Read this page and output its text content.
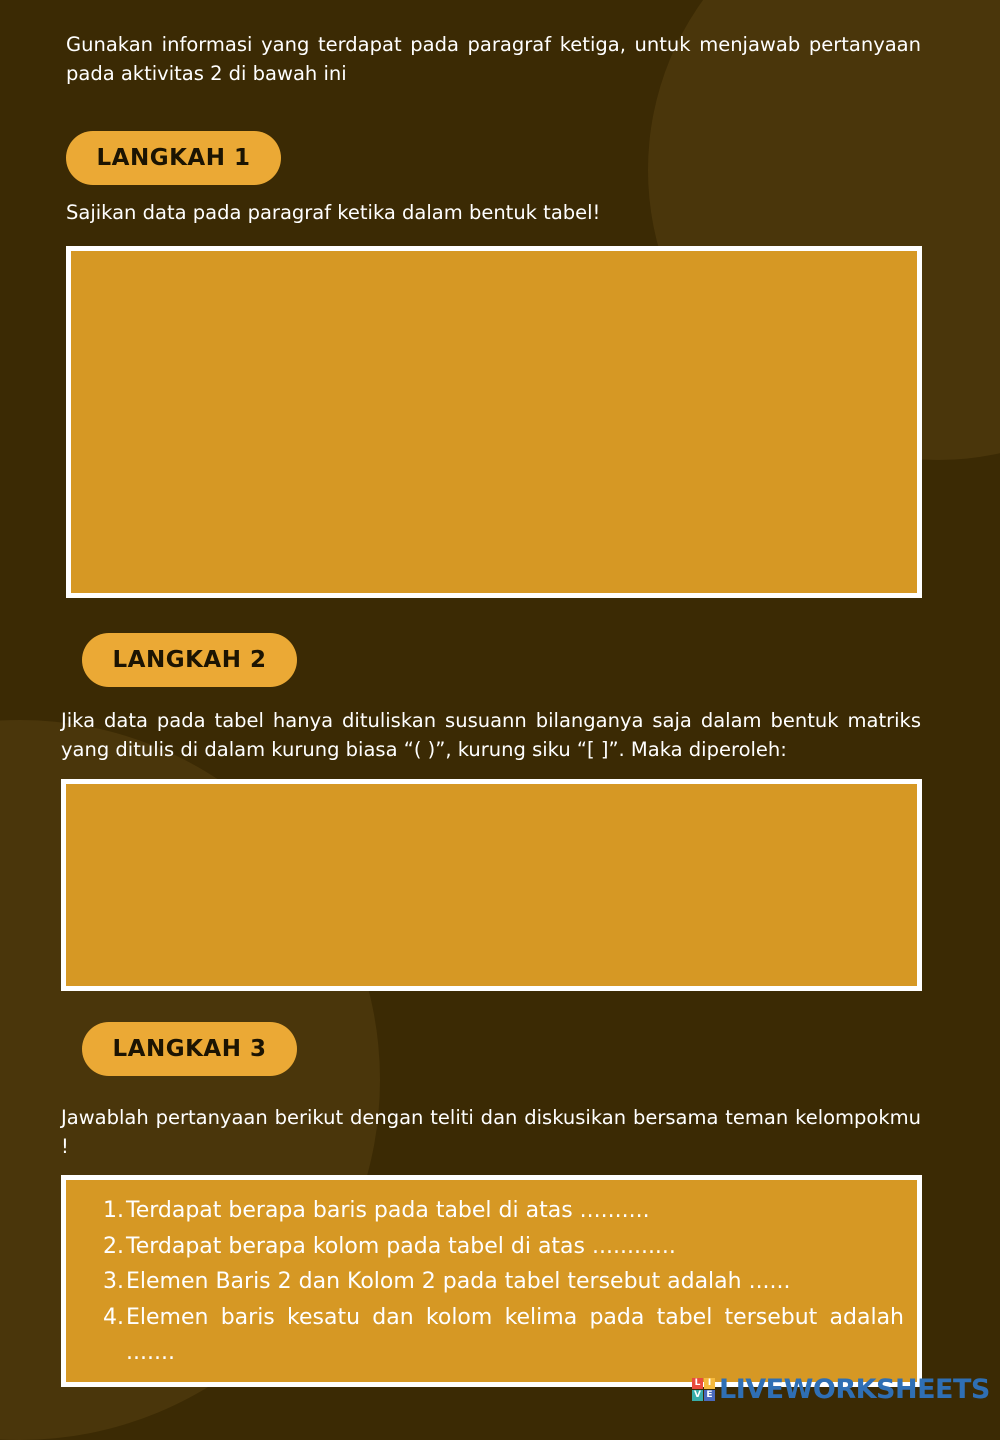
Gunakan informasi yang terdapat pada paragraf ketiga, untuk menjawab pertanyaan pada aktivitas 2 di bawah ini

LANGKAH 1

Sajikan data pada paragraf ketika dalam bentuk tabel!

LANGKAH 2

Jika data pada tabel hanya dituliskan susuann bilanganya saja dalam bentuk matriks yang ditulis di dalam kurung biasa “( )”, kurung siku “[ ]”. Maka diperoleh:

LANGKAH 3

Jawablah pertanyaan berikut dengan teliti dan diskusikan bersama teman kelompokmu !

1. Terdapat berapa baris pada tabel di atas ..........
2. Terdapat berapa kolom pada tabel di atas ............
3. Elemen Baris 2 dan Kolom 2 pada tabel tersebut adalah ......
4. Elemen baris kesatu dan kolom kelima pada tabel tersebut adalah .......
L I
V E LIVEWORKSHEETS
